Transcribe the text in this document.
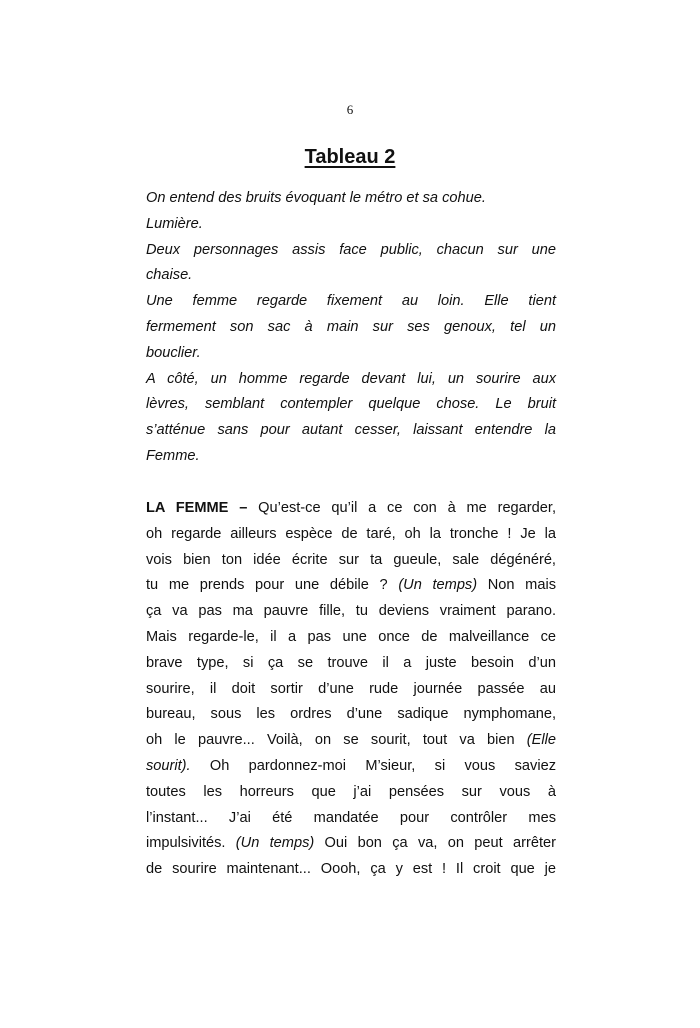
6
Tableau 2
On entend des bruits évoquant le métro et sa cohue.
Lumière.
Deux personnages assis face public, chacun sur une
chaise.
Une femme regarde fixement au loin. Elle tient
fermement son sac à main sur ses genoux, tel un
bouclier.
A côté, un homme regarde devant lui, un sourire aux
lèvres, semblant contempler quelque chose. Le bruit
s’atténue sans pour autant cesser, laissant entendre la
Femme.
LA FEMME – Qu’est-ce qu’il a ce con à me regarder,
oh regarde ailleurs espèce de taré, oh la tronche ! Je la
vois bien ton idée écrite sur ta gueule, sale dégénéré,
tu me prends pour une débile ? (Un temps) Non mais
ça va pas ma pauvre fille, tu deviens vraiment parano.
Mais regarde-le, il a pas une once de malveillance ce
brave type, si ça se trouve il a juste besoin d’un
sourire, il doit sortir d’une rude journée passée au
bureau, sous les ordres d’une sadique nymphomane,
oh le pauvre... Voilà, on se sourit, tout va bien (Elle
sourit). Oh pardonnez-moi M’sieur, si vous saviez
toutes les horreurs que j’ai pensées sur vous à
l’instant... J’ai été mandatée pour contrôler mes
impulsivités. (Un temps) Oui bon ça va, on peut arrêter
de sourire maintenant... Oooh, ça y est ! Il croit que je
